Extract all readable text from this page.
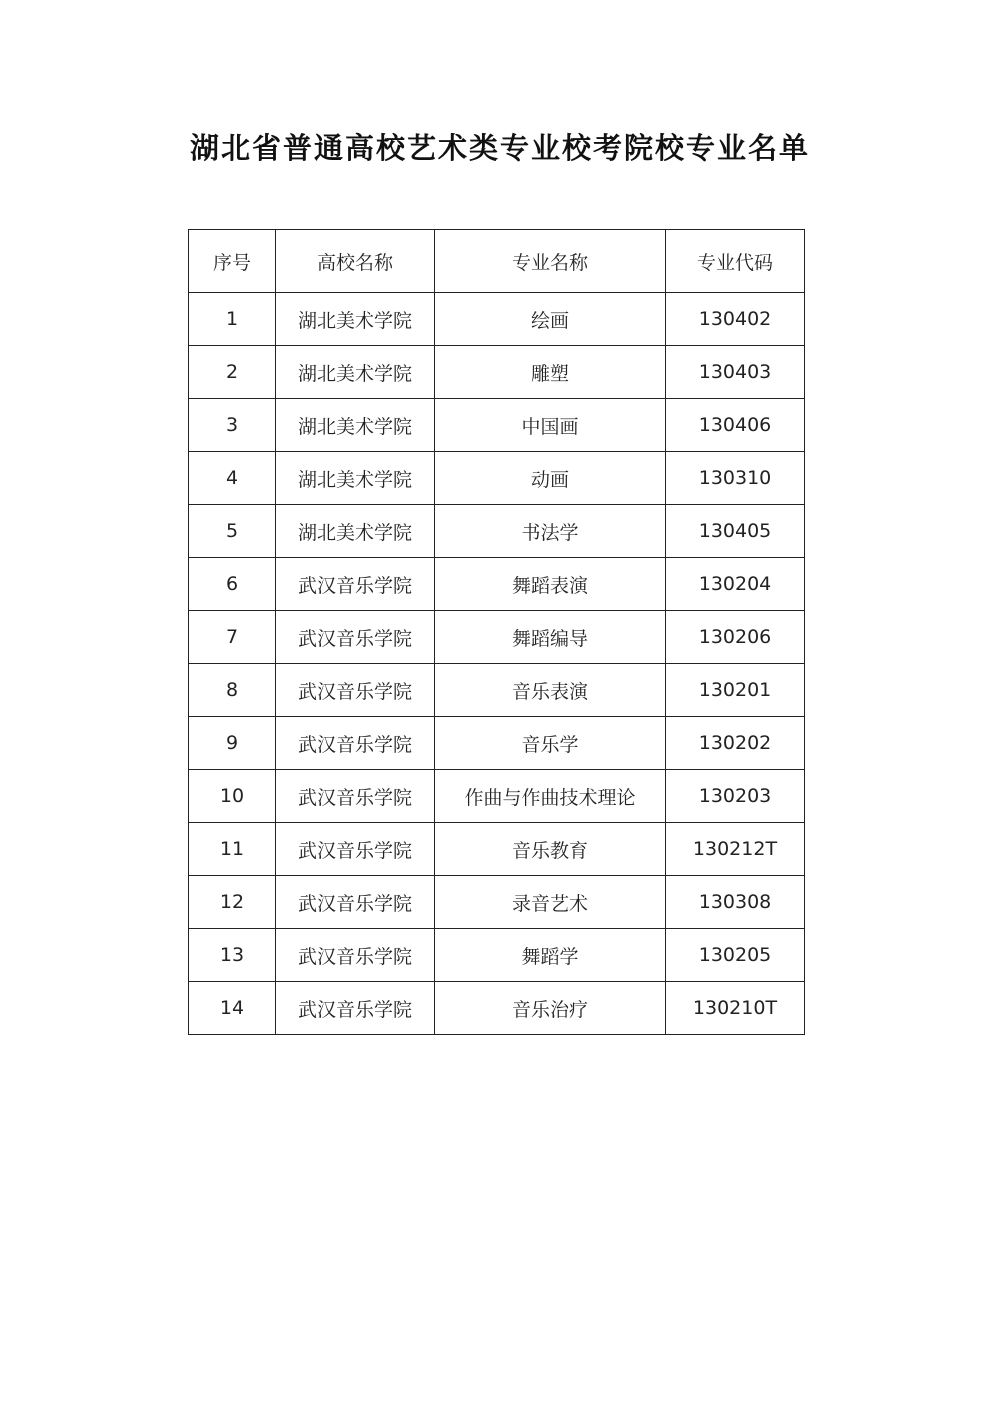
湖北省普通高校艺术类专业校考院校专业名单
序号	高校名称	专业名称	专业代码
1	湖北美术学院	绘画	130402
2	湖北美术学院	雕塑	130403
3	湖北美术学院	中国画	130406
4	湖北美术学院	动画	130310
5	湖北美术学院	书法学	130405
6	武汉音乐学院	舞蹈表演	130204
7	武汉音乐学院	舞蹈编导	130206
8	武汉音乐学院	音乐表演	130201
9	武汉音乐学院	音乐学	130202
10	武汉音乐学院	作曲与作曲技术理论	130203
11	武汉音乐学院	音乐教育	130212T
12	武汉音乐学院	录音艺术	130308
13	武汉音乐学院	舞蹈学	130205
14	武汉音乐学院	音乐治疗	130210T
